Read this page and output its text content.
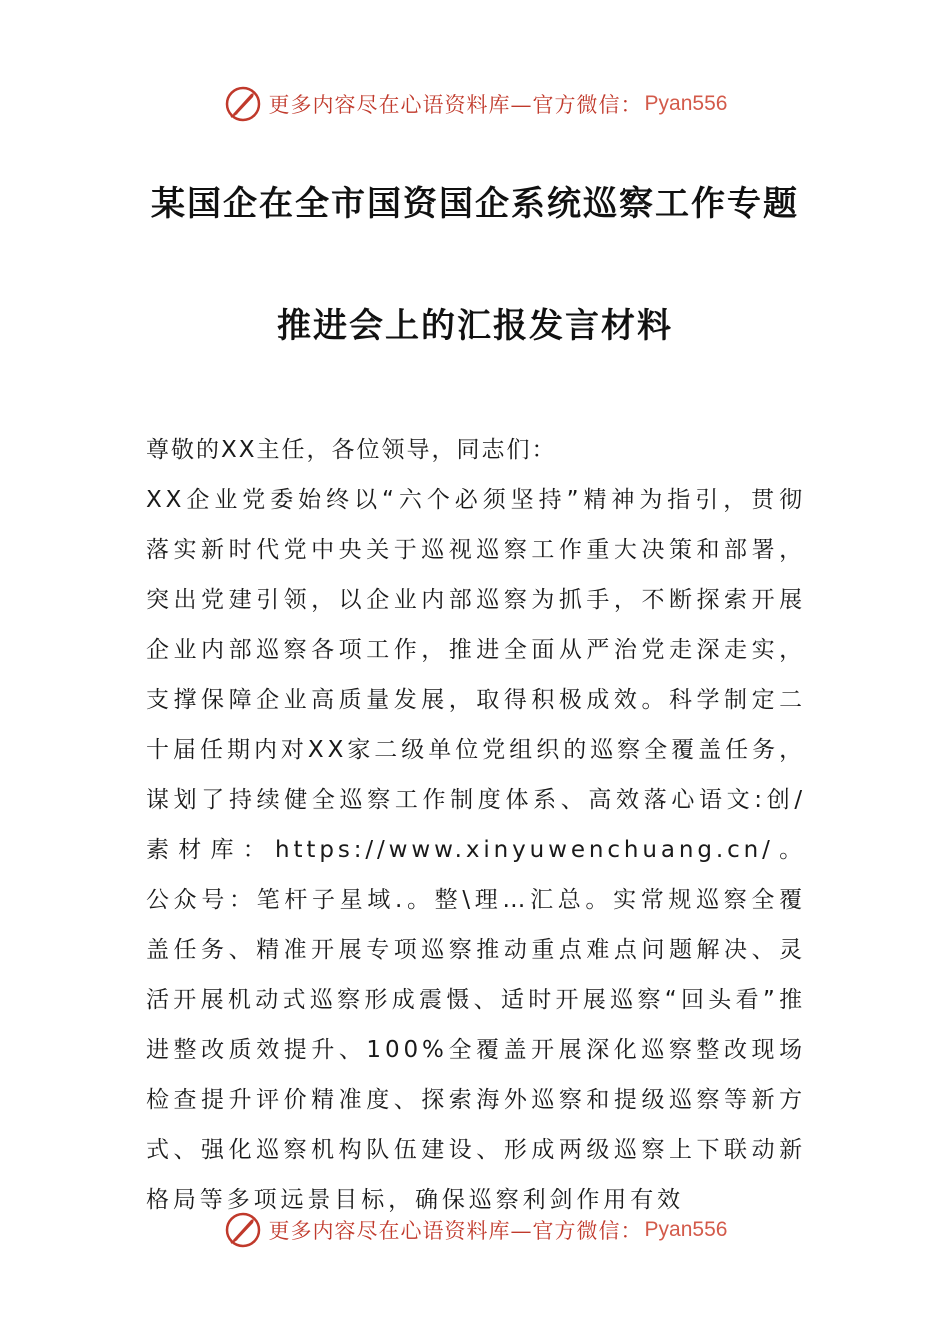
更多内容尽在心语资料库—官方微信： Pyan556
某国企在全市国资国企系统巡察工作专题
推进会上的汇报发言材料

尊敬的XX主任，各位领导，同志们：

XX企业党委始终以“六个必须坚持”精神为指引，贯彻落实新时代党中央关于巡视巡察工作重大决策和部署，突出党建引领，以企业内部巡察为抓手，不断探索开展企业内部巡察各项工作，推进全面从严治党走深走实，支撑保障企业高质量发展，取得积极成效。科学制定二十届任期内对XX家二级单位党组织的巡察全覆盖任务，谋划了持续健全巡察工作制度体系、高效落心语文:创/素材库：https://www.xinyuwenchuang.cn/。公众号：笔杆子星域.。整\理…汇总。实常规巡察全覆盖任务、精准开展专项巡察推动重点难点问题解决、灵活开展机动式巡察形成震慑、适时开展巡察“回头看”推进整改质效提升、100%全覆盖开展深化巡察整改现场检查提升评价精准度、探索海外巡察和提级巡察等新方式、强化巡察机构队伍建设、形成两级巡察上下联动新格局等多项远景目标，确保巡察利剑作用有效

更多内容尽在心语资料库—官方微信： Pyan556
